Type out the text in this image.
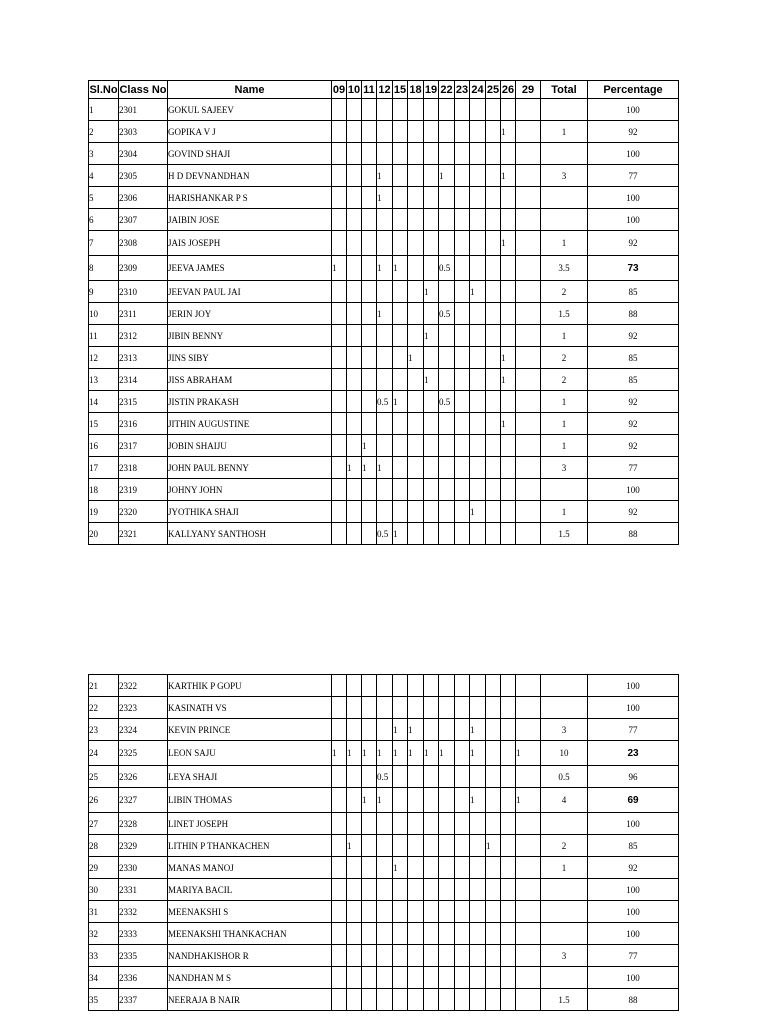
Sl.No	Class No	Name	09	10	11	12	15	18	19	22	23	24	25	26	29	Total	Percentage
1	2301	GOKUL SAJEEV															100
2	2303	GOPIKA V J												1		1	92
3	2304	GOVIND SHAJI															100
4	2305	H D DEVNANDHAN				1				1				1		3	77
5	2306	HARISHANKAR P S				1											100
6	2307	JAIBIN JOSE															100
7	2308	JAIS JOSEPH												1		1	92
8	2309	JEEVA JAMES	1			1	1			0.5						3.5	73
9	2310	JEEVAN PAUL JAI							1			1				2	85
10	2311	JERIN JOY				1				0.5						1.5	88
11	2312	JIBIN BENNY							1							1	92
12	2313	JINS SIBY						1						1		2	85
13	2314	JISS ABRAHAM							1					1		2	85
14	2315	JISTIN PRAKASH				0.5	1			0.5						1	92
15	2316	JITHIN AUGUSTINE												1		1	92
16	2317	JOBIN SHAIJU			1											1	92
17	2318	JOHN PAUL BENNY		1	1	1										3	77
18	2319	JOHNY JOHN															100
19	2320	JYOTHIKA SHAJI										1				1	92
20	2321	KALLYANY SANTHOSH				0.5	1									1.5	88
21	2322	KARTHIK P GOPU															100
22	2323	KASINATH VS															100
23	2324	KEVIN PRINCE					1	1				1				3	77
24	2325	LEON SAJU	1	1	1	1	1	1	1	1		1			1	10	23
25	2326	LEYA SHAJI				0.5										0.5	96
26	2327	LIBIN THOMAS			1	1						1			1	4	69
27	2328	LINET JOSEPH															100
28	2329	LITHIN P THANKACHEN		1									1			2	85
29	2330	MANAS MANOJ					1									1	92
30	2331	MARIYA BACIL															100
31	2332	MEENAKSHI S															100
32	2333	MEENAKSHI THANKACHAN															100
33	2335	NANDHAKISHOR R														3	77
34	2336	NANDHAN M S															100
35	2337	NEERAJA B NAIR														1.5	88
